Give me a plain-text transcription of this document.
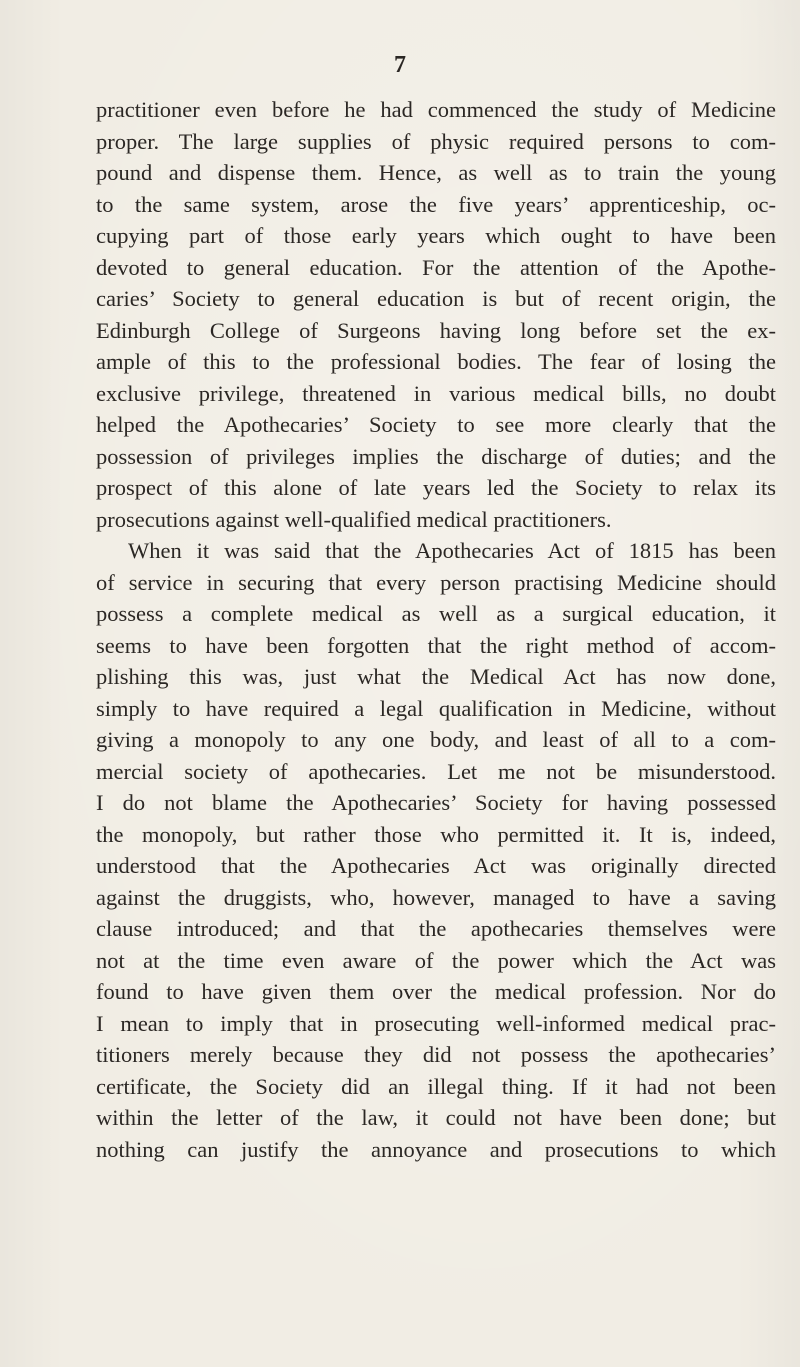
7
practitioner even before he had commenced the study of Medicine
proper. The large supplies of physic required persons to com-
pound and dispense them. Hence, as well as to train the young
to the same system, arose the five years’ apprenticeship, oc-
cupying part of those early years which ought to have been
devoted to general education. For the attention of the Apothe-
caries’ Society to general education is but of recent origin, the
Edinburgh College of Surgeons having long before set the ex-
ample of this to the professional bodies. The fear of losing the
exclusive privilege, threatened in various medical bills, no doubt
helped the Apothecaries’ Society to see more clearly that the
possession of privileges implies the discharge of duties; and the
prospect of this alone of late years led the Society to relax its
prosecutions against well-qualified medical practitioners.
When it was said that the Apothecaries Act of 1815 has been
of service in securing that every person practising Medicine should
possess a complete medical as well as a surgical education, it
seems to have been forgotten that the right method of accom-
plishing this was, just what the Medical Act has now done,
simply to have required a legal qualification in Medicine, without
giving a monopoly to any one body, and least of all to a com-
mercial society of apothecaries. Let me not be misunderstood.
I do not blame the Apothecaries’ Society for having possessed
the monopoly, but rather those who permitted it. It is, indeed,
understood that the Apothecaries Act was originally directed
against the druggists, who, however, managed to have a saving
clause introduced; and that the apothecaries themselves were
not at the time even aware of the power which the Act was
found to have given them over the medical profession. Nor do
I mean to imply that in prosecuting well-informed medical prac-
titioners merely because they did not possess the apothecaries’
certificate, the Society did an illegal thing. If it had not been
within the letter of the law, it could not have been done; but
nothing can justify the annoyance and prosecutions to which
